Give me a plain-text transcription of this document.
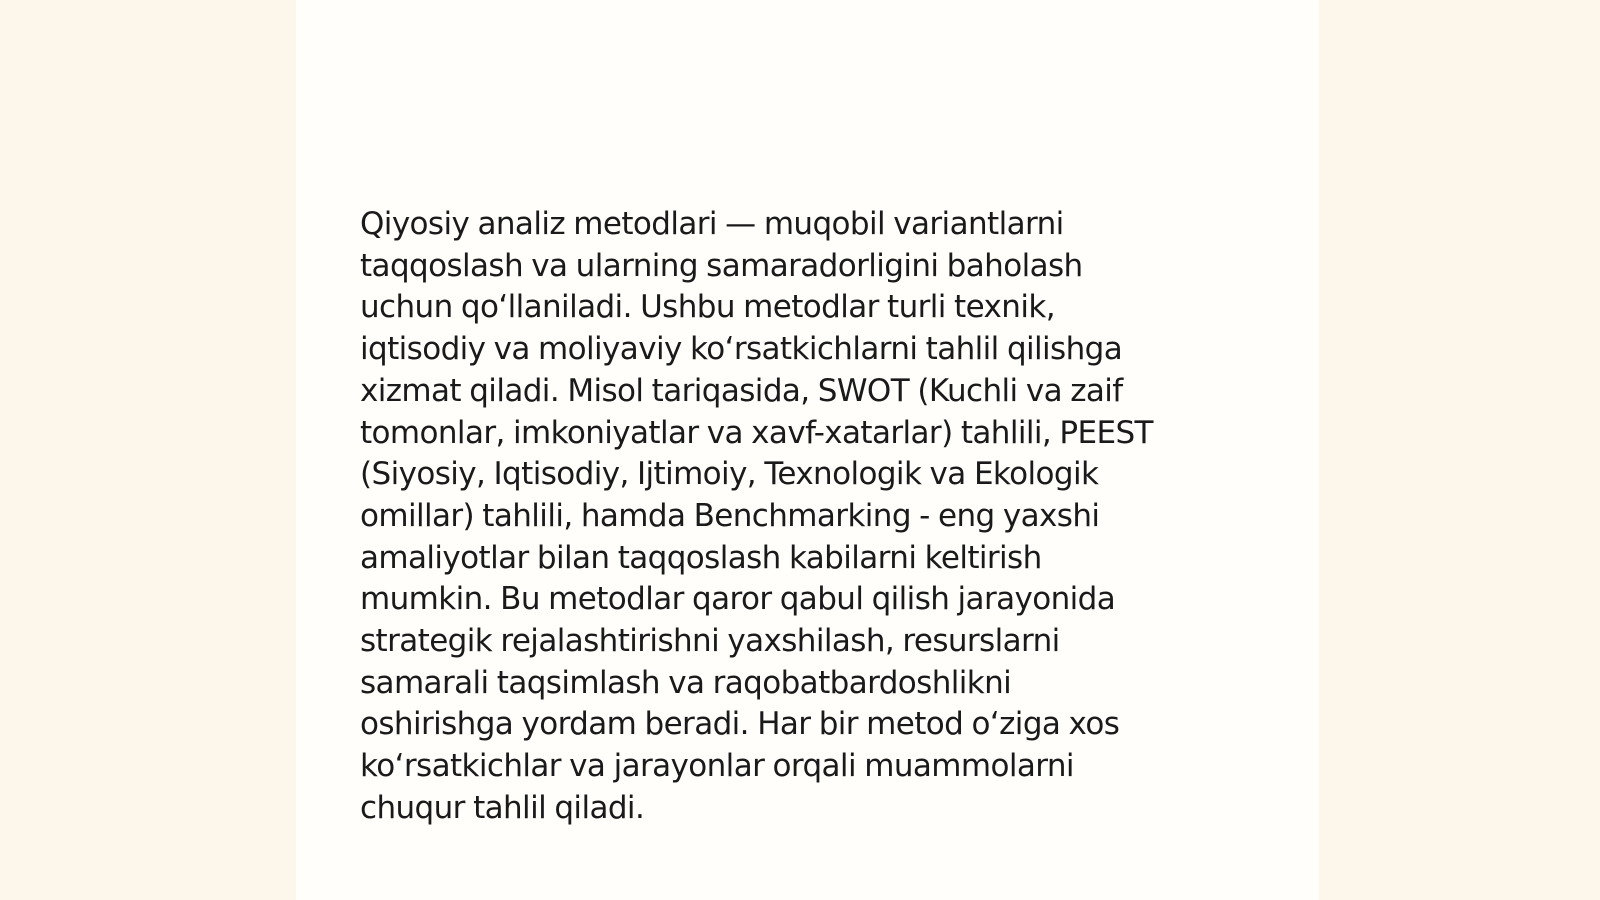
Qiyosiy analiz metodlari — muqobil variantlarni
taqqoslash va ularning samaradorligini baholash
uchun qoʻllaniladi. Ushbu metodlar turli texnik,
iqtisodiy va moliyaviy koʻrsatkichlarni tahlil qilishga
xizmat qiladi. Misol tariqasida, SWOT (Kuchli va zaif
tomonlar, imkoniyatlar va xavf-xatarlar) tahlili, PEEST
(Siyosiy, Iqtisodiy, Ijtimoiy, Texnologik va Ekologik
omillar) tahlili, hamda Benchmarking - eng yaxshi
amaliyotlar bilan taqqoslash kabilarni keltirish
mumkin. Bu metodlar qaror qabul qilish jarayonida
strategik rejalashtirishni yaxshilash, resurslarni
samarali taqsimlash va raqobatbardoshlikni
oshirishga yordam beradi. Har bir metod oʻziga xos
koʻrsatkichlar va jarayonlar orqali muammolarni
chuqur tahlil qiladi.
